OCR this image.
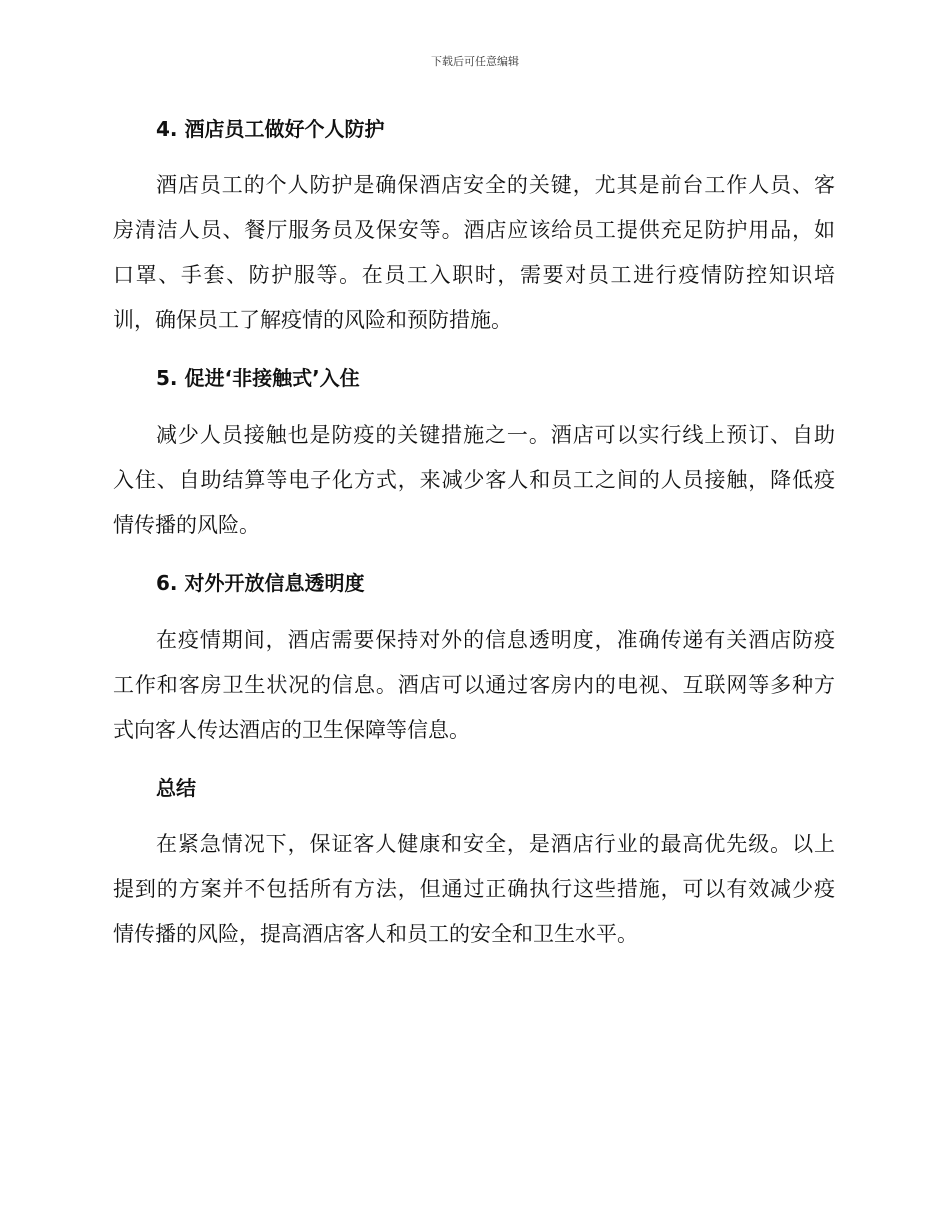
下载后可任意编辑
4. 酒店员工做好个人防护
酒店员工的个人防护是确保酒店安全的关键，尤其是前台工作人员、客
房清洁人员、餐厅服务员及保安等。酒店应该给员工提供充足防护用品，如
口罩、手套、防护服等。在员工入职时，需要对员工进行疫情防控知识培
训，确保员工了解疫情的风险和预防措施。
5. 促进‘非接触式’入住
减少人员接触也是防疫的关键措施之一。酒店可以实行线上预订、自助
入住、自助结算等电子化方式，来减少客人和员工之间的人员接触，降低疫
情传播的风险。
6. 对外开放信息透明度
在疫情期间，酒店需要保持对外的信息透明度，准确传递有关酒店防疫
工作和客房卫生状况的信息。酒店可以通过客房内的电视、互联网等多种方
式向客人传达酒店的卫生保障等信息。
总结
在紧急情况下，保证客人健康和安全，是酒店行业的最高优先级。以上
提到的方案并不包括所有方法，但通过正确执行这些措施，可以有效减少疫
情传播的风险，提高酒店客人和员工的安全和卫生水平。
